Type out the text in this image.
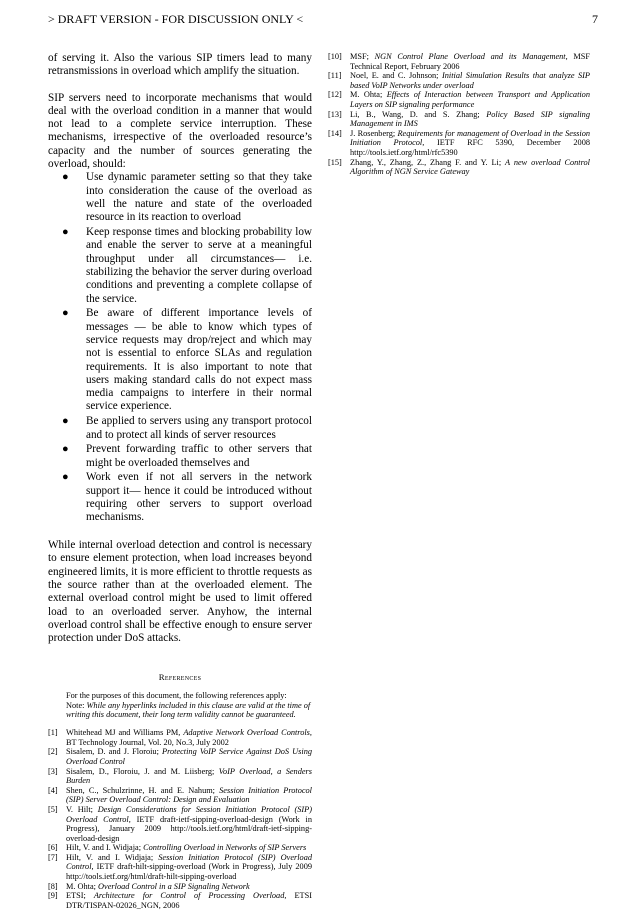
> DRAFT VERSION - FOR DISCUSSION ONLY <	7

of serving it. Also the various SIP timers lead to many retransmissions in overload which amplify the situation.

SIP servers need to incorporate mechanisms that would deal with the overload condition in a manner that would not lead to a complete service interruption. These mechanisms, irrespective of the overloaded resource’s capacity and the number of sources generating the overload, should:

● Use dynamic parameter setting so that they take into consideration the cause of the overload as well the nature and state of the overloaded resource in its reaction to overload
● Keep response times and blocking probability low and enable the server to serve at a meaningful throughput under all circumstances— i.e. stabilizing the behavior the server during overload conditions and preventing a complete collapse of the service.
● Be aware of different importance levels of messages — be able to know which types of service requests may drop/reject and which may not is essential to enforce SLAs and regulation requirements. It is also important to note that users making standard calls do not expect mass media campaigns to interfere in their normal service experience.
● Be applied to servers using any transport protocol and to protect all kinds of server resources
● Prevent forwarding traffic to other servers that might be overloaded themselves and
● Work even if not all servers in the network support it— hence it could be introduced without requiring other servers to support overload mechanisms.

While internal overload detection and control is necessary to ensure element protection, when load increases beyond engineered limits, it is more efficient to throttle requests as the source rather than at the overloaded element. The external overload control might be used to limit offered load to an overloaded server. Anyhow, the internal overload control shall be effective enough to ensure server protection under DoS attacks.

References
For the purposes of this document, the following references apply:
Note: While any hyperlinks included in this clause are valid at the time of writing this document, their long term validity cannot be guaranteed.
[1]	Whitehead MJ and Williams PM, Adaptive Network Overload Controls, BT Technology Journal, Vol. 20, No.3, July 2002
[2]	Sisalem, D. and J. Floroiu; Protecting VoIP Service Against DoS Using Overload Control
[3]	Sisalem, D., Floroiu, J. and M. Liisberg; VoIP Overload, a Senders Burden
[4]	Shen, C., Schulzrinne, H. and E. Nahum; Session Initiation Protocol (SIP) Server Overload Control: Design and Evaluation
[5]	V. Hilt; Design Considerations for Session Initiation Protocol (SIP) Overload Control, IETF draft-ietf-sipping-overload-design (Work in Progress), January 2009 http://tools.ietf.org/html/draft-ietf-sipping-overload-design
[6]	Hilt, V. and I. Widjaja; Controlling Overload in Networks of SIP Servers
[7]	Hilt, V. and I. Widjaja; Session Initiation Protocol (SIP) Overload Control, IETF draft-hilt-sipping-overload (Work in Progress), July 2009 http://tools.ietf.org/html/draft-hilt-sipping-overload
[8]	M. Ohta; Overload Control in a SIP Signaling Network
[9]	ETSI; Architecture for Control of Processing Overload, ETSI DTR/TISPAN-02026_NGN, 2006
[10] MSF; NGN Control Plane Overload and its Management, MSF Technical Report, February 2006
[11]	Noel, E. and C. Johnson; Initial Simulation Results that analyze SIP based VoIP Networks under overload
[12] M. Ohta; Effects of Interaction between Transport and Application Layers on SIP signaling performance
[13] Li, B., Wang, D. and S. Zhang; Policy Based SIP signaling Management in IMS
[14] J. Rosenberg; Requirements for management of Overload in the Session Initiation Protocol, IETF RFC 5390, December 2008 http://tools.ietf.org/html/rfc5390
[15] Zhang, Y., Zhang, Z., Zhang F. and Y. Li; A new overload Control Algorithm of NGN Service Gateway
